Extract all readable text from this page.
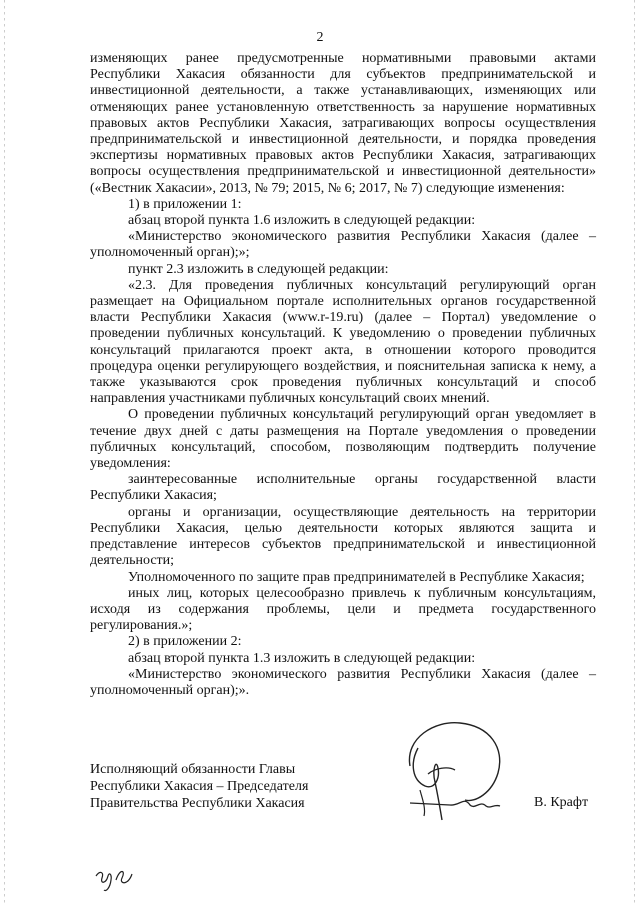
2

изменяющих ранее предусмотренные нормативными правовыми актами Республики Хакасия обязанности для субъектов предпринимательской и инвестиционной деятельности, а также устанавливающих, изменяющих или отменяющих ранее установленную ответственность за нарушение нормативных правовых актов Республики Хакасия, затрагивающих вопросы осуществления предпринимательской и инвестиционной деятельности, и порядка проведения экспертизы нормативных правовых актов Республики Хакасия, затрагивающих вопросы осуществления предпринимательской и инвестиционной деятельности» («Вестник Хакасии», 2013, № 79; 2015, № 6; 2017, № 7) следующие изменения:

1) в приложении 1:

абзац второй пункта 1.6 изложить в следующей редакции:

«Министерство экономического развития Республики Хакасия (далее – уполномоченный орган);»;

пункт 2.3 изложить в следующей редакции:

«2.3. Для проведения публичных консультаций регулирующий орган размещает на Официальном портале исполнительных органов государственной власти Республики Хакасия (www.r-19.ru) (далее – Портал) уведомление о проведении публичных консультаций. К уведомлению о проведении публичных консультаций прилагаются проект акта, в отношении которого проводится процедура оценки регулирующего воздействия, и пояснительная записка к нему, а также указываются срок проведения публичных консультаций и способ направления участниками публичных консультаций своих мнений.

О проведении публичных консультаций регулирующий орган уведомляет в течение двух дней с даты размещения на Портале уведомления о проведении публичных консультаций, способом, позволяющим подтвердить получение уведомления:

заинтересованные исполнительные органы государственной власти Республики Хакасия;

органы и организации, осуществляющие деятельность на территории Республики Хакасия, целью деятельности которых являются защита и представление интересов субъектов предпринимательской и инвестиционной деятельности;

Уполномоченного по защите прав предпринимателей в Республике Хакасия;

иных лиц, которых целесообразно привлечь к публичным консультациям, исходя из содержания проблемы, цели и предмета государственного регулирования.»;

2) в приложении 2:

абзац второй пункта 1.3 изложить в следующей редакции:

«Министерство экономического развития Республики Хакасия (далее – уполномоченный орган);».

Исполняющий обязанности Главы
Республики Хакасия – Председателя
Правительства Республики Хакасия	В. Крафт
